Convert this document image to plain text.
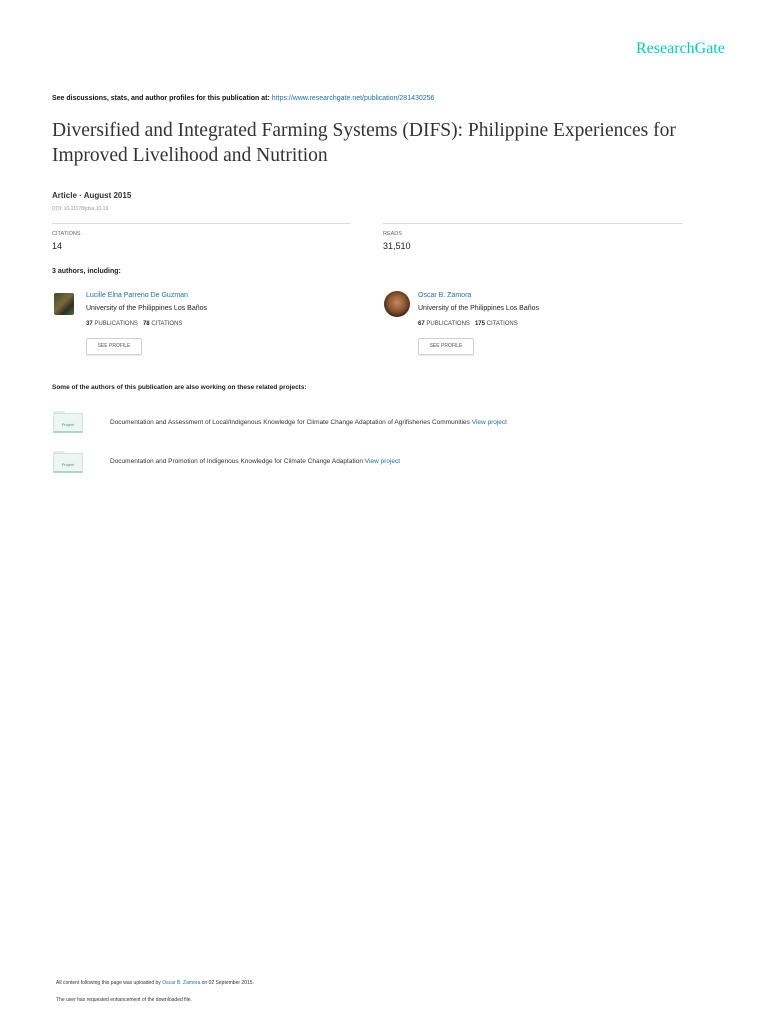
ResearchGate
See discussions, stats, and author profiles for this publication at: https://www.researchgate.net/publication/281430256
Diversified and Integrated Farming Systems (DIFS): Philippine Experiences for Improved Livelihood and Nutrition
Article · August 2015
DOI: 10.11178/jdsa.10.19
CITATIONS
14
READS
31,510
3 authors, including:
Lucille Elna Parreno De Guzman
University of the Philippines Los Baños
37 PUBLICATIONS 78 CITATIONS
SEE PROFILE
Oscar B. Zamora
University of the Philippines Los Baños
67 PUBLICATIONS 175 CITATIONS
SEE PROFILE
Some of the authors of this publication are also working on these related projects:
Project	Documentation and Assessment of Local/Indigenous Knowledge for Climate Change Adaptation of Agrifisheries Communities View project
Project	Documentation and Promotion of Indigenous Knowledge for Climate Change Adaptation View project
All content following this page was uploaded by Oscar B. Zamora on 02 September 2015.
The user has requested enhancement of the downloaded file.
